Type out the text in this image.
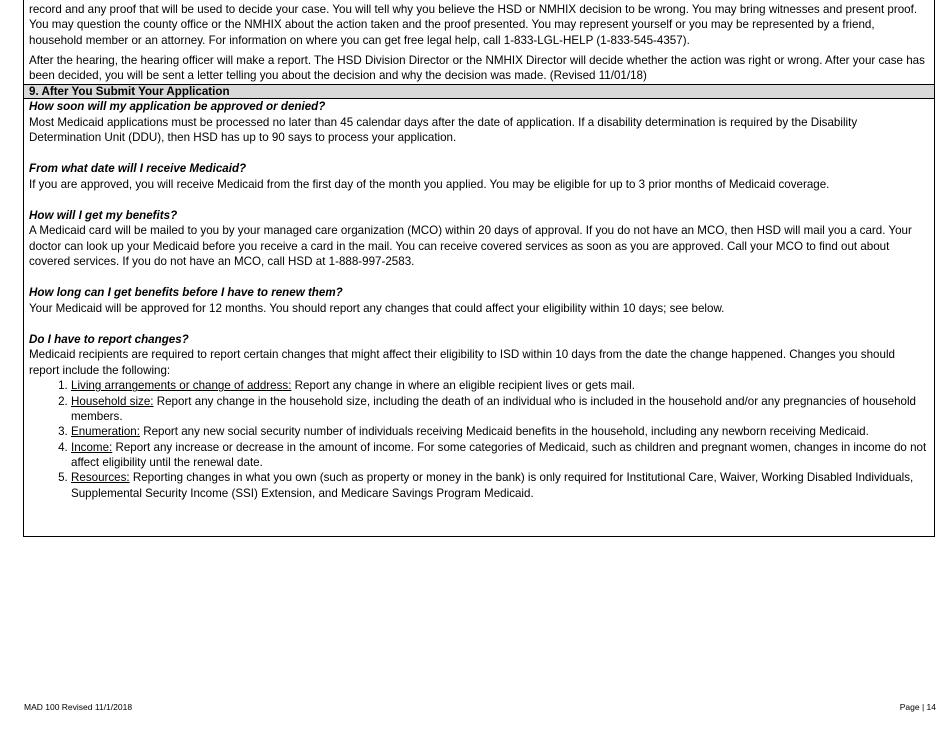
record and any proof that will be used to decide your case. You will tell why you believe the HSD or NMHIX decision to be wrong. You may bring witnesses and present proof. You may question the county office or the NMHIX about the action taken and the proof presented. You may represent yourself or you may be represented by a friend, household member or an attorney. For information on where you can get free legal help, call 1-833-LGL-HELP (1-833-545-4357).
After the hearing, the hearing officer will make a report. The HSD Division Director or the NMHIX Director will decide whether the action was right or wrong. After your case has been decided, you will be sent a letter telling you about the decision and why the decision was made. (Revised 11/01/18)
9. After You Submit Your Application
How soon will my application be approved or denied?
Most Medicaid applications must be processed no later than 45 calendar days after the date of application. If a disability determination is required by the Disability Determination Unit (DDU), then HSD has up to 90 says to process your application.
From what date will I receive Medicaid?
If you are approved, you will receive Medicaid from the first day of the month you applied. You may be eligible for up to 3 prior months of Medicaid coverage.
How will I get my benefits?
A Medicaid card will be mailed to you by your managed care organization (MCO) within 20 days of approval. If you do not have an MCO, then HSD will mail you a card. Your doctor can look up your Medicaid before you receive a card in the mail. You can receive covered services as soon as you are approved. Call your MCO to find out about covered services. If you do not have an MCO, call HSD at 1-888-997-2583.
How long can I get benefits before I have to renew them?
Your Medicaid will be approved for 12 months. You should report any changes that could affect your eligibility within 10 days; see below.
Do I have to report changes?
Medicaid recipients are required to report certain changes that might affect their eligibility to ISD within 10 days from the date the change happened. Changes you should report include the following:
1. Living arrangements or change of address: Report any change in where an eligible recipient lives or gets mail.
2. Household size: Report any change in the household size, including the death of an individual who is included in the household and/or any pregnancies of household members.
3. Enumeration: Report any new social security number of individuals receiving Medicaid benefits in the household, including any newborn receiving Medicaid.
4. Income: Report any increase or decrease in the amount of income. For some categories of Medicaid, such as children and pregnant women, changes in income do not affect eligibility until the renewal date.
5. Resources: Reporting changes in what you own (such as property or money in the bank) is only required for Institutional Care, Waiver, Working Disabled Individuals, Supplemental Security Income (SSI) Extension, and Medicare Savings Program Medicaid.
MAD 100 Revised 11/1/2018	Page | 14
